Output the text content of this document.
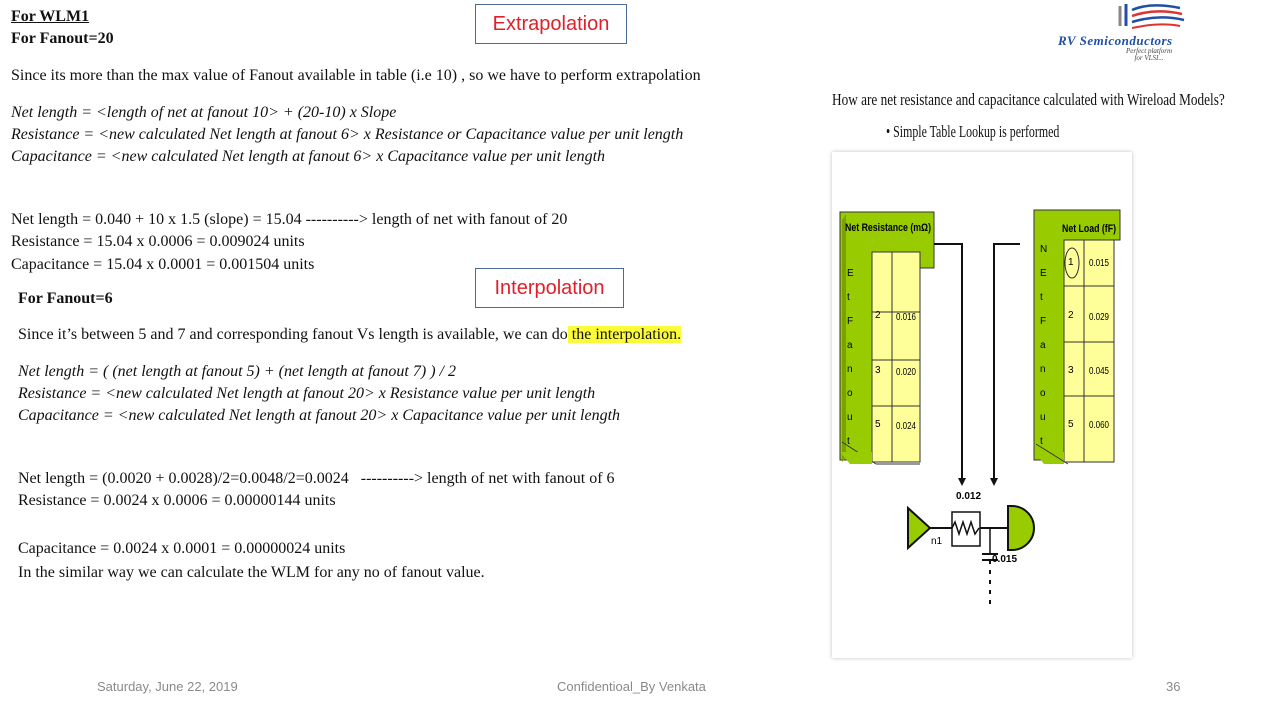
For WLM1
For Fanout=20
Extrapolation
Since its more than the max value of Fanout available in table (i.e 10) , so we have to perform extrapolation
Net length = <length of net at fanout 10> + (20-10) x Slope
Resistance = <new calculated Net length at fanout 6> x Resistance or Capacitance value per unit length
Capacitance = <new calculated Net length at fanout 6> x Capacitance value per unit length
Net length = 0.040 + 10 x 1.5 (slope) = 15.04 ----------> length of net with fanout of 20
Resistance = 15.04 x 0.0006 = 0.009024 units
Capacitance = 15.04 x 0.0001 = 0.001504 units
Interpolation
For Fanout=6
Since it’s between 5 and 7 and corresponding fanout Vs length is available, we can do the interpolation.
Net length = ( (net length at fanout 5) + (net length at fanout 7) ) / 2
Resistance = <new calculated Net length at fanout 20> x Resistance value per unit length
Capacitance = <new calculated Net length at fanout 20> x Capacitance value per unit length
Net length = (0.0020 + 0.0028)/2=0.0048/2=0.0024   ----------> length of net with fanout of 6
Resistance = 0.0024 x 0.0006 = 0.00000144 units
Capacitance = 0.0024 x 0.0001 = 0.00000024 units
In the similar way we can calculate the WLM for any no of fanout value.
RV Semiconductors
Perfect platform
for VLSI...
How are net resistance and capacitance calculated with Wireload Models?
• Simple Table Lookup is performed
Net Resistance (mΩ)
2 0.016
3 0.020
5 0.024
E
t
F
a
n
o
u
t
Net Load (fF)
1 0.015
2 0.029
3 0.045
5 0.060
N
E
t
F
a
n
o
u
t
0.012
n1
0.015
Saturday, June 22, 2019	Confidentioal_By Venkata	36
